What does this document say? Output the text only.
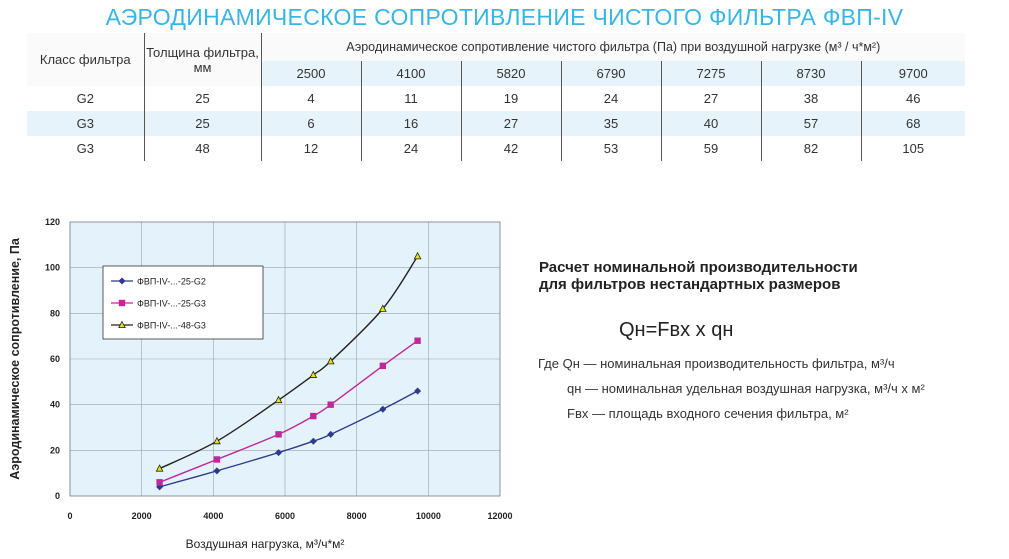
АЭРОДИНАМИЧЕСКОЕ СОПРОТИВЛЕНИЕ ЧИСТОГО ФИЛЬТРА ФВП-IV
Класс фильтра	Толщина фильтра, мм	Аэродинамическое сопротивление чистого фильтра (Па) при воздушной нагрузке (м³ / ч*м²)						
		2500	4100	5820	6790	7275	8730	9700
G2	25	4	11	19	24	27	38	46
G3	25	6	16	27	35	40	57	68
G3	48	12	24	42	53	59	82	105
0	2000	4000	6000	8000	10000	12000
0
20
40
60
80
100
120
ФВП-IV-...-25-G2
ФВП-IV-...-25-G3
ФВП-IV-...-48-G3
Воздушная нагрузка, м³/ч*м²
Аэродинамическое сопротивление, Па	Расчет номинальной производительности
для фильтров нестандартных размеров
Qн=Fвх х qн
Где Qн — номинальная производительность фильтра, м³/ч
qн — номинальная удельная воздушная нагрузка, м³/ч х м²
Fвх — площадь входного сечения фильтра, м²
